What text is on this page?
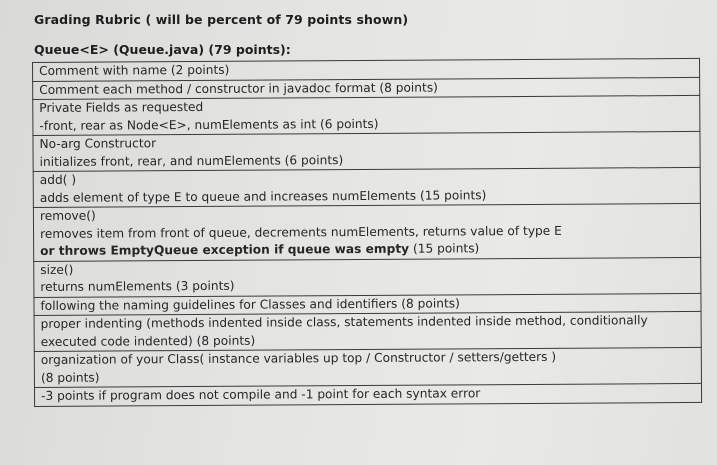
Grading Rubric ( will be percent of 79 points shown)
Queue<E> (Queue.java) (79 points):
Comment with name (2 points)

Comment each method / constructor in javadoc format (8 points)

Private Fields as requested
-front, rear as Node<E>, numElements as int (6 points)

No-arg Constructor
initializes front, rear, and numElements (6 points)

add( )
adds element of type E to queue and increases numElements (15 points)

remove()
removes item from front of queue, decrements numElements, returns value of type E
or throws EmptyQueue exception if queue was empty (15 points)

size()
returns numElements (3 points)

following the naming guidelines for Classes and identifiers (8 points)

proper indenting (methods indented inside class, statements indented inside method, conditionally executed code indented) (8 points)

organization of your Class( instance variables up top / Constructor / setters/getters )
(8 points)

-3 points if program does not compile and -1 point for each syntax error
